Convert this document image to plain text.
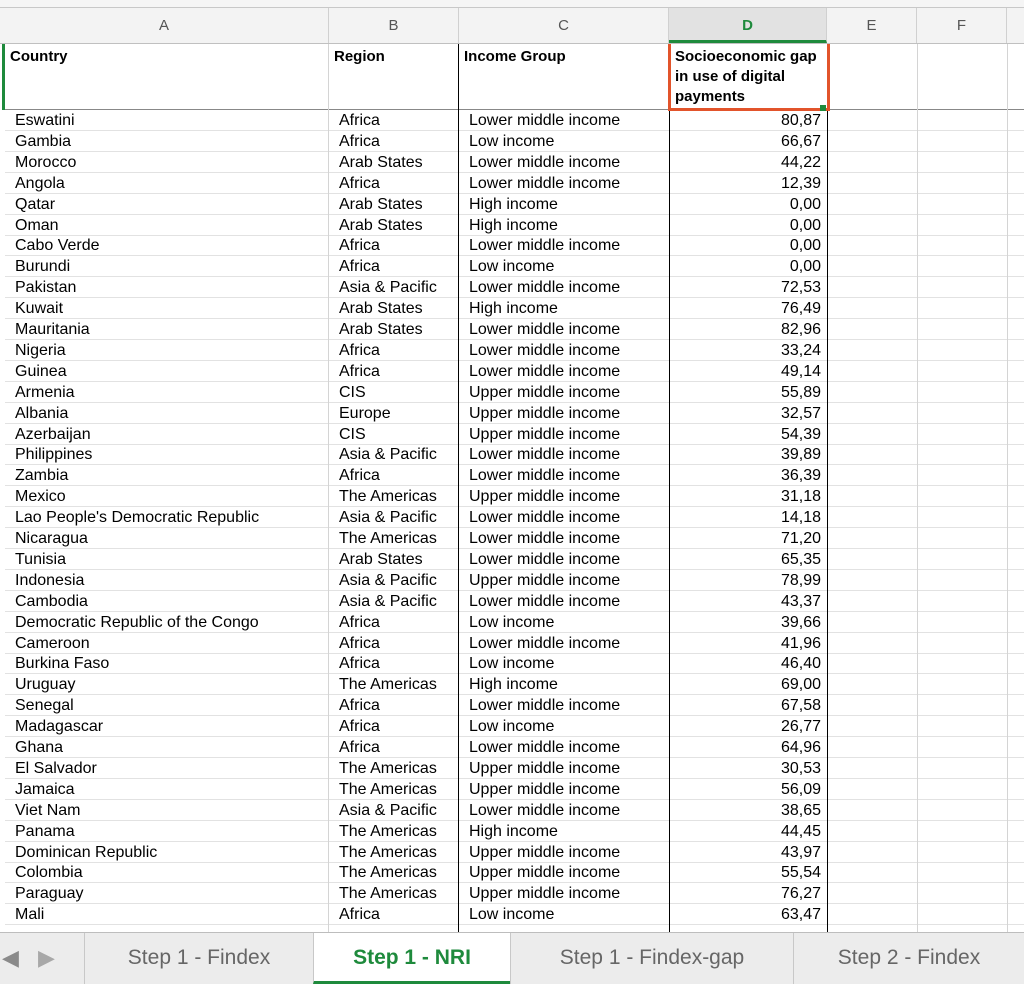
A	B	C	D	E	F
Country	Region	Income Group	Socioeconomic gap in use of digital payments
Eswatini	Africa	Lower middle income	80,87
Gambia	Africa	Low income	66,67
Morocco	Arab States	Lower middle income	44,22
Angola	Africa	Lower middle income	12,39
Qatar	Arab States	High income	0,00
Oman	Arab States	High income	0,00
Cabo Verde	Africa	Lower middle income	0,00
Burundi	Africa	Low income	0,00
Pakistan	Asia & Pacific	Lower middle income	72,53
Kuwait	Arab States	High income	76,49
Mauritania	Arab States	Lower middle income	82,96
Nigeria	Africa	Lower middle income	33,24
Guinea	Africa	Lower middle income	49,14
Armenia	CIS	Upper middle income	55,89
Albania	Europe	Upper middle income	32,57
Azerbaijan	CIS	Upper middle income	54,39
Philippines	Asia & Pacific	Lower middle income	39,89
Zambia	Africa	Lower middle income	36,39
Mexico	The Americas	Upper middle income	31,18
Lao People's Democratic Republic	Asia & Pacific	Lower middle income	14,18
Nicaragua	The Americas	Lower middle income	71,20
Tunisia	Arab States	Lower middle income	65,35
Indonesia	Asia & Pacific	Upper middle income	78,99
Cambodia	Asia & Pacific	Lower middle income	43,37
Democratic Republic of the Congo	Africa	Low income	39,66
Cameroon	Africa	Lower middle income	41,96
Burkina Faso	Africa	Low income	46,40
Uruguay	The Americas	High income	69,00
Senegal	Africa	Lower middle income	67,58
Madagascar	Africa	Low income	26,77
Ghana	Africa	Lower middle income	64,96
El Salvador	The Americas	Upper middle income	30,53
Jamaica	The Americas	Upper middle income	56,09
Viet Nam	Asia & Pacific	Lower middle income	38,65
Panama	The Americas	High income	44,45
Dominican Republic	The Americas	Upper middle income	43,97
Colombia	The Americas	Upper middle income	55,54
Paraguay	The Americas	Upper middle income	76,27
Mali	Africa	Low income	63,47
◀ ▶	Step 1 - Findex	Step 1 - NRI	Step 1 - Findex-gap	Step 2 - Findex
